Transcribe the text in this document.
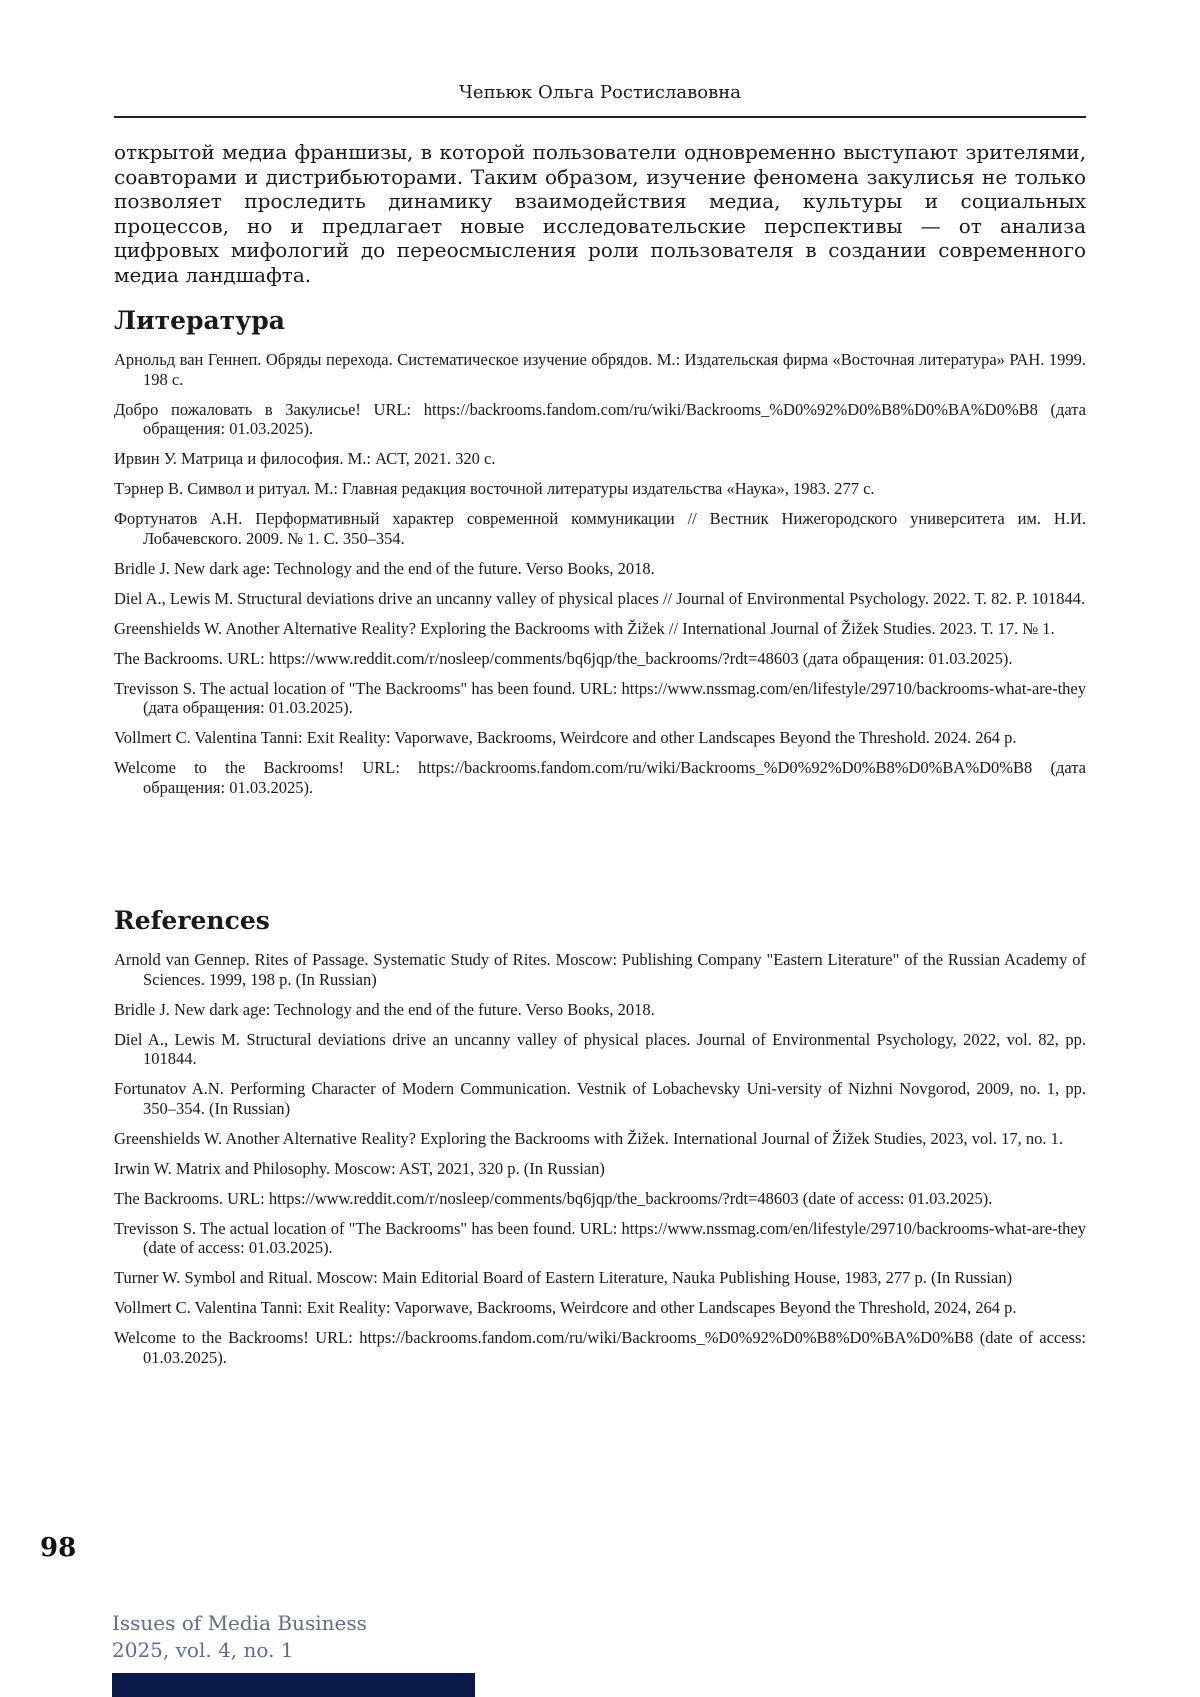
Чепьюк Ольга Ростиславовна

открытой медиа франшизы, в которой пользователи одновременно выступают зрителями, соавторами и дистрибьюторами. Таким образом, изучение феномена закулисья не только позволяет проследить динамику взаимодействия медиа, культуры и социальных процессов, но и предлагает новые исследовательские перспективы — от анализа цифровых мифологий до переосмысления роли пользователя в создании современного медиа ландшафта.

Литература
Арнольд ван Геннеп. Обряды перехода. Систематическое изучение обрядов. М.: Издательская фирма «Восточная литература» РАН. 1999. 198 с.
Добро пожаловать в Закулисье! URL: https://backrooms.fandom.com/ru/wiki/Backrooms_%D0%92%D0%B8%D0%BA%D0%B8 (дата обращения: 01.03.2025).
Ирвин У. Матрица и философия. М.: АСТ, 2021. 320 с.
Тэрнер В. Символ и ритуал. М.: Главная редакция восточной литературы издательства «Наука», 1983. 277 с.
Фортунатов А.Н. Перформативный характер современной коммуникации // Вестник Нижегородского университета им. Н.И. Лобачевского. 2009. № 1. С. 350–354.
Bridle J. New dark age: Technology and the end of the future. Verso Books, 2018.
Diel A., Lewis M. Structural deviations drive an uncanny valley of physical places // Journal of Environmental Psychology. 2022. Т. 82. P. 101844.
Greenshields W. Another Alternative Reality? Exploring the Backrooms with Žižek // International Journal of Žižek Studies. 2023. Т. 17. № 1.
The Backrooms. URL: https://www.reddit.com/r/nosleep/comments/bq6jqp/the_backrooms/?rdt=48603 (дата обращения: 01.03.2025).
Trevisson S. The actual location of "The Backrooms" has been found. URL: https://www.nssmag.com/en/lifestyle/29710/backrooms-what-are-they (дата обращения: 01.03.2025).
Vollmert C. Valentina Tanni: Exit Reality: Vaporwave, Backrooms, Weirdcore and other Landscapes Beyond the Threshold. 2024. 264 p.
Welcome to the Backrooms! URL: https://backrooms.fandom.com/ru/wiki/Backrooms_%D0%92%D0%B8%D0%BA%D0%B8 (дата обращения: 01.03.2025).
References
Arnold van Gennep. Rites of Passage. Systematic Study of Rites. Moscow: Publishing Company "Eastern Literature" of the Russian Academy of Sciences. 1999, 198 p. (In Russian)
Bridle J. New dark age: Technology and the end of the future. Verso Books, 2018.
Diel A., Lewis M. Structural deviations drive an uncanny valley of physical places. Journal of Environmental Psychology, 2022, vol. 82, pp. 101844.
Fortunatov A.N. Performing Character of Modern Communication. Vestnik of Lobachevsky Uni-versity of Nizhni Novgorod, 2009, no. 1, pp. 350–354. (In Russian)
Greenshields W. Another Alternative Reality? Exploring the Backrooms with Žižek. International Journal of Žižek Studies, 2023, vol. 17, no. 1.
Irwin W. Matrix and Philosophy. Moscow: AST, 2021, 320 p. (In Russian)
The Backrooms. URL: https://www.reddit.com/r/nosleep/comments/bq6jqp/the_backrooms/?rdt=48603 (date of access: 01.03.2025).
Trevisson S. The actual location of "The Backrooms" has been found. URL: https://www.nssmag.com/en/lifestyle/29710/backrooms-what-are-they (date of access: 01.03.2025).
Turner W. Symbol and Ritual. Moscow: Main Editorial Board of Eastern Literature, Nauka Publishing House, 1983, 277 p. (In Russian)
Vollmert C. Valentina Tanni: Exit Reality: Vaporwave, Backrooms, Weirdcore and other Landscapes Beyond the Threshold, 2024, 264 p.
Welcome to the Backrooms! URL: https://backrooms.fandom.com/ru/wiki/Backrooms_%D0%92%D0%B8%D0%BA%D0%B8 (date of access: 01.03.2025).
98
Issues of Media Business
2025, vol. 4, no. 1
